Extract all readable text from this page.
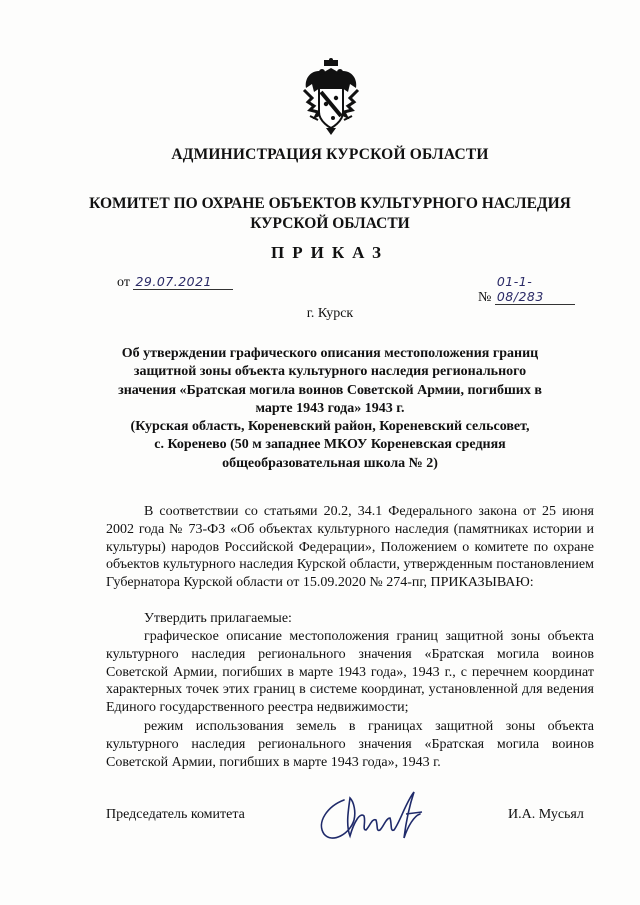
АДМИНИСТРАЦИЯ КУРСКОЙ ОБЛАСТИ
КОМИТЕТ ПО ОХРАНЕ ОБЪЕКТОВ КУЛЬТУРНОГО НАСЛЕДИЯ
КУРСКОЙ ОБЛАСТИ
ПРИКАЗ
от 29.07.2021
№ 01-1-08/283
г. Курск
Об утверждении графического описания местоположения границ
защитной зоны объекта культурного наследия регионального
значения «Братская могила воинов Советской Армии, погибших в
марте 1943 года» 1943 г.
(Курская область, Кореневский район, Кореневский сельсовет,
с. Коренево (50 м западнее МКОУ Кореневская средняя
общеобразовательная школа № 2)
В соответствии со статьями 20.2, 34.1 Федерального закона от 25 июня 2002 года № 73-ФЗ «Об объектах культурного наследия (памятниках истории и культуры) народов Российской Федерации», Положением о комитете по охране объектов культурного наследия Курской области, утвержденным постановлением Губернатора Курской области от 15.09.2020 № 274-пг, ПРИКАЗЫВАЮ:
Утвердить прилагаемые:
графическое описание местоположения границ защитной зоны объекта культурного наследия регионального значения «Братская могила воинов Советской Армии, погибших в марте 1943 года», 1943 г., с перечнем координат характерных точек этих границ в системе координат, установленной для ведения Единого государственного реестра недвижимости;
режим использования земель в границах защитной зоны объекта культурного наследия регионального значения «Братская могила воинов Советской Армии, погибших в марте 1943 года», 1943 г.
Председатель комитета	И.А. Мусьял
